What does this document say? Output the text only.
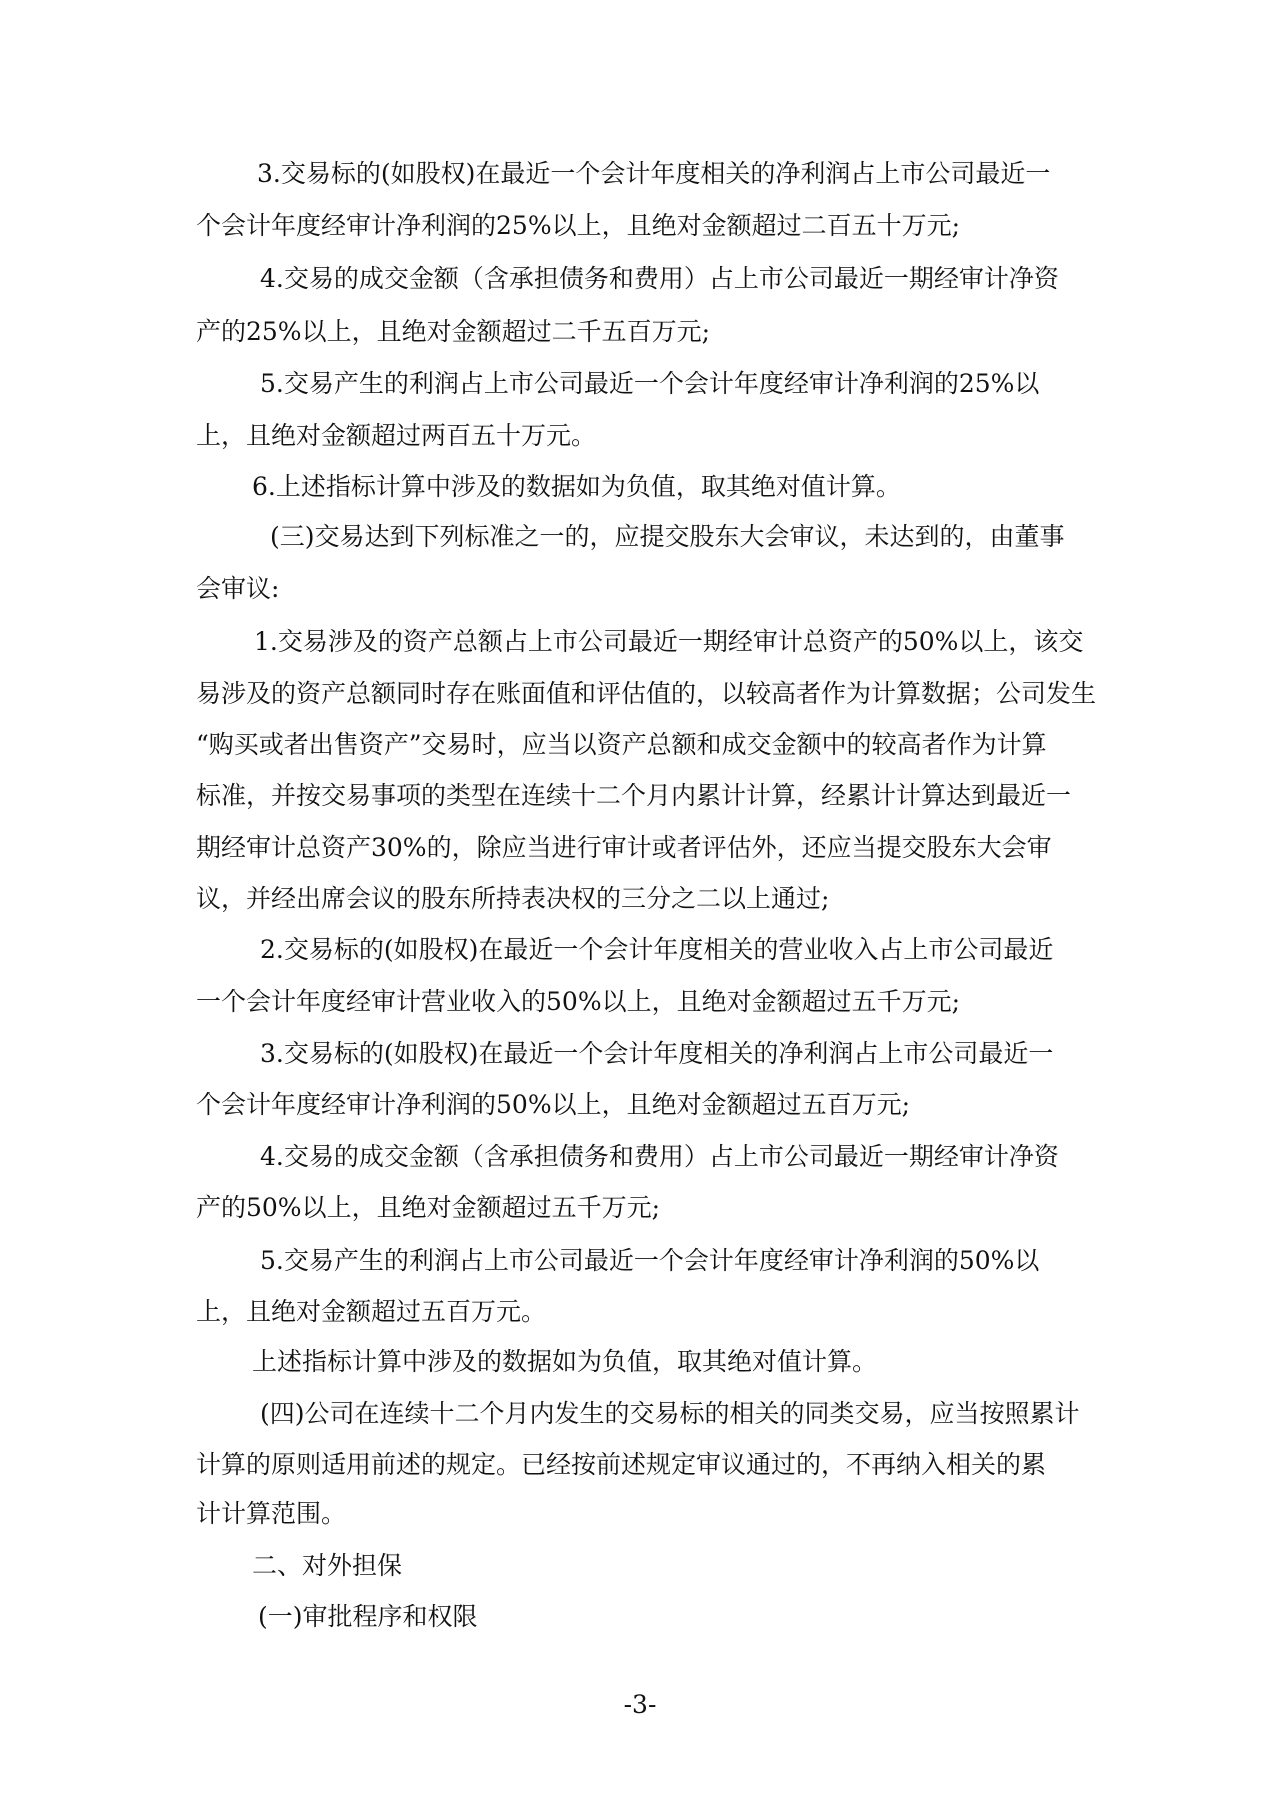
3.交易标的(如股权)在最近一个会计年度相关的净利润占上市公司最近一
个会计年度经审计净利润的25%以上，且绝对金额超过二百五十万元;
4.交易的成交金额（含承担债务和费用）占上市公司最近一期经审计净资
产的25%以上，且绝对金额超过二千五百万元;
5.交易产生的利润占上市公司最近一个会计年度经审计净利润的25%以
上，且绝对金额超过两百五十万元。
6.上述指标计算中涉及的数据如为负值，取其绝对值计算。
(三)交易达到下列标准之一的，应提交股东大会审议，未达到的，由董事
会审议:
1.交易涉及的资产总额占上市公司最近一期经审计总资产的50%以上，该交
易涉及的资产总额同时存在账面值和评估值的，以较高者作为计算数据；公司发生
“购买或者出售资产”交易时，应当以资产总额和成交金额中的较高者作为计算
标准，并按交易事项的类型在连续十二个月内累计计算，经累计计算达到最近一
期经审计总资产30%的，除应当进行审计或者评估外，还应当提交股东大会审
议，并经出席会议的股东所持表决权的三分之二以上通过;
2.交易标的(如股权)在最近一个会计年度相关的营业收入占上市公司最近
一个会计年度经审计营业收入的50%以上，且绝对金额超过五千万元;
3.交易标的(如股权)在最近一个会计年度相关的净利润占上市公司最近一
个会计年度经审计净利润的50%以上，且绝对金额超过五百万元;
4.交易的成交金额（含承担债务和费用）占上市公司最近一期经审计净资
产的50%以上，且绝对金额超过五千万元;
5.交易产生的利润占上市公司最近一个会计年度经审计净利润的50%以
上，且绝对金额超过五百万元。
上述指标计算中涉及的数据如为负值，取其绝对值计算。
(四)公司在连续十二个月内发生的交易标的相关的同类交易，应当按照累计
计算的原则适用前述的规定。已经按前述规定审议通过的，不再纳入相关的累
计计算范围。
二、对外担保
(一)审批程序和权限
-3-
